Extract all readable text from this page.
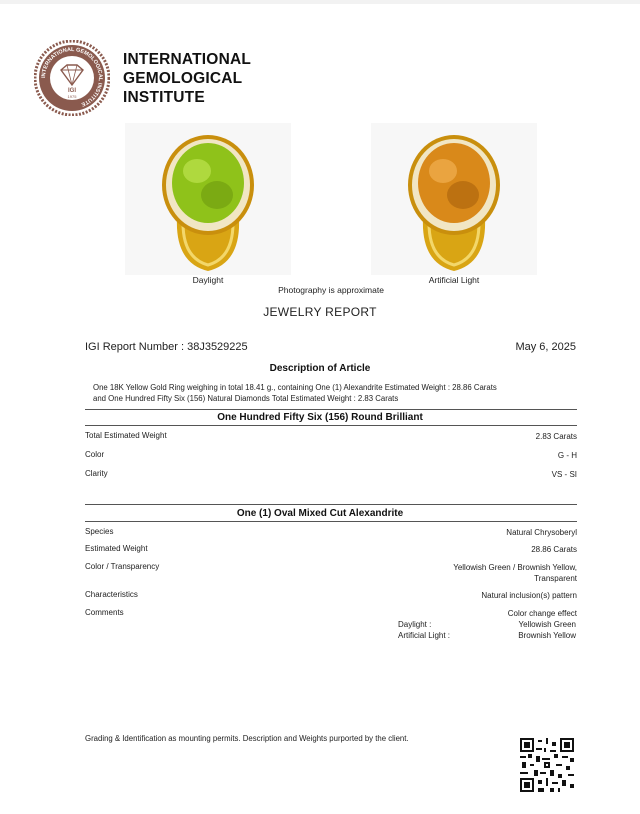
INTERNATIONAL GEMOLOGICAL INSTITUTE
IGI
1975
INTERNATIONAL
GEMOLOGICAL
INSTITUTE
Daylight	Artificial Light
Photography is approximate
JEWELRY REPORT
IGI Report Number : 38J3529225	May 6, 2025
Description of Article
One 18K Yellow Gold Ring weighing in total 18.41 g., containing One (1) Alexandrite Estimated Weight : 28.86 Carats
and One Hundred Fifty Six (156) Natural Diamonds Total Estimated Weight : 2.83 Carats
One Hundred Fifty Six (156) Round Brilliant
Total Estimated Weight	2.83 Carats
Color	G - H
Clarity	VS - SI
One (1) Oval Mixed Cut Alexandrite
Species	Natural Chrysoberyl
Estimated Weight	28.86 Carats
Color / Transparency	Yellowish Green / Brownish Yellow,
Transparent
Characteristics	Natural inclusion(s) pattern
Comments	Color change effect
Daylight :	Yellowish Green
Artificial Light :	Brownish Yellow
Grading & Identification as mounting permits. Description and Weights purported by the client.
